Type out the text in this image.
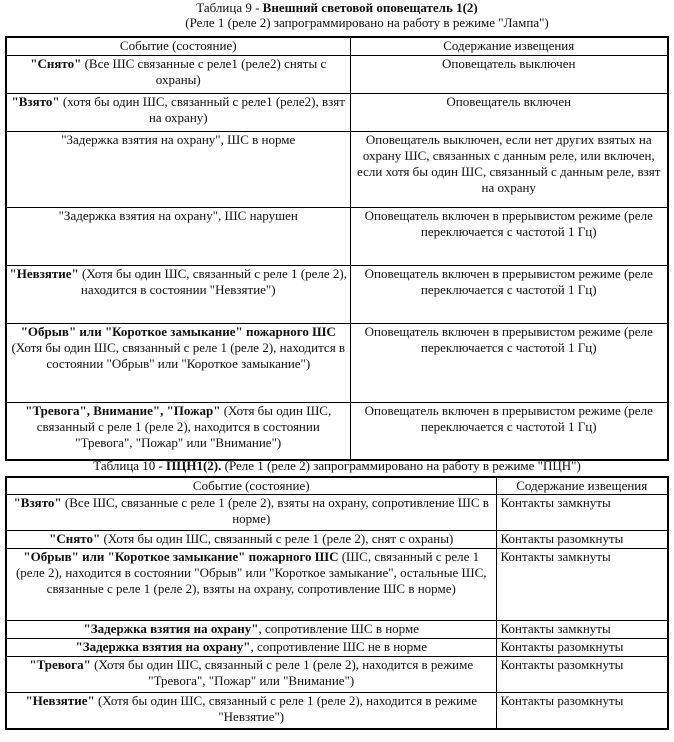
Таблица 9 - Внешний световой оповещатель 1(2)
(Реле 1 (реле 2) запрограммировано на работу в режиме "Лампа")
Событие (состояние)	Содержание извещения
"Снято" (Все ШС связанные с реле1 (реле2) сняты с охраны)	Оповещатель выключен
"Взято" (хотя бы один ШС, связанный с реле1 (реле2), взят на охрану)	Оповещатель включен
"Задержка взятия на охрану", ШС в норме	Оповещатель выключен, если нет других взятых на охрану ШС, связанных с данным реле, или включен, если хотя бы один ШС, связанный с данным реле, взят на охрану
"Задержка взятия на охрану", ШС нарушен	Оповещатель включен в прерывистом режиме (реле переключается с частотой 1 Гц)
"Невзятие" (Хотя бы один ШС, связанный с реле 1 (реле 2), находится в состоянии "Невзятие")	Оповещатель включен в прерывистом режиме (реле переключается с частотой 1 Гц)
"Обрыв" или "Короткое замыкание" пожарного ШС (Хотя бы один ШС, связанный с реле 1 (реле 2), находится в состоянии "Обрыв" или "Короткое замыкание")	Оповещатель включен в прерывистом режиме (реле переключается с частотой 1 Гц)
"Тревога", Внимание", "Пожар" (Хотя бы один ШС, связанный с реле 1 (реле 2), находится в состоянии "Тревога", "Пожар" или "Внимание")	Оповещатель включен в прерывистом режиме (реле переключается с частотой 1 Гц)
Таблица 10 - ПЦН1(2). (Реле 1 (реле 2) запрограммировано на работу в режиме "ПЦН")
Событие (состояние)	Содержание извещения
"Взято" (Все ШС, связанные с реле 1 (реле 2), взяты на охрану, сопротивление ШС в норме)	Контакты замкнуты
"Снято" (Хотя бы один ШС, связанный с реле 1 (реле 2), снят с охраны)	Контакты разомкнуты
"Обрыв" или "Короткое замыкание" пожарного ШС (ШС, связанный с реле 1 (реле 2), находится в состоянии "Обрыв" или "Короткое замыкание", остальные ШС, связанные с реле 1 (реле 2), взяты на охрану, сопротивление ШС в норме)	Контакты замкнуты
"Задержка взятия на охрану", сопротивление ШС в норме	Контакты замкнуты
"Задержка взятия на охрану", сопротивление ШС не в норме	Контакты разомкнуты
"Тревога" (Хотя бы один ШС, связанный с реле 1 (реле 2), находится в режиме "Тревога", "Пожар" или "Внимание")	Контакты разомкнуты
"Невзятие" (Хотя бы один ШС, связанный с реле 1 (реле 2), находится в режиме "Невзятие")	Контакты разомкнуты
